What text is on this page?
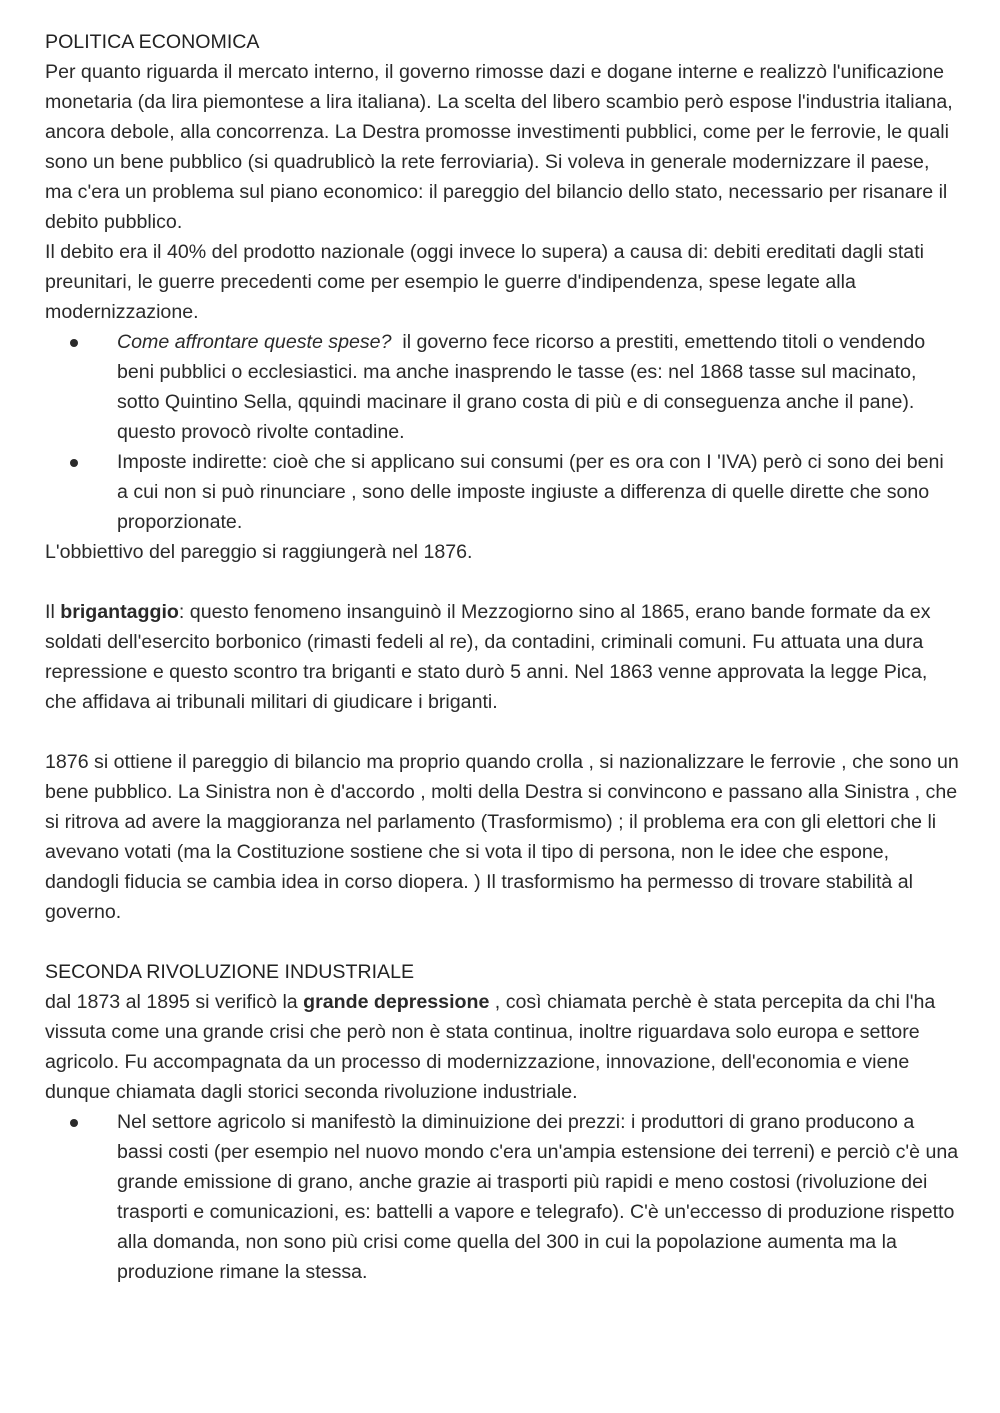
POLITICA ECONOMICA

Per quanto riguarda il mercato interno, il governo rimosse dazi e dogane interne e realizzò l'unificazione monetaria (da lira piemontese a lira italiana). La scelta del libero scambio però espose l'industria italiana, ancora debole, alla concorrenza. La Destra promosse investimenti pubblici, come per le ferrovie, le quali sono un bene pubblico (si quadrublicò la rete ferroviaria). Si voleva in generale modernizzare il paese, ma c'era un problema sul piano economico: il pareggio del bilancio dello stato, necessario per risanare il debito pubblico.

Il debito era il 40% del prodotto nazionale (oggi invece lo supera) a causa di: debiti ereditati dagli stati preunitari, le guerre precedenti come per esempio le guerre d'indipendenza, spese legate alla modernizzazione.

Come affrontare queste spese?  il governo fece ricorso a prestiti, emettendo titoli o vendendo beni pubblici o ecclesiastici. ma anche inasprendo le tasse (es: nel 1868 tasse sul macinato, sotto Quintino Sella, qquindi macinare il grano costa di più e di conseguenza anche il pane). questo provocò rivolte contadine.
Imposte indirette: cioè che si applicano sui consumi (per es ora con I 'IVA) però ci sono dei beni a cui non si può rinunciare , sono delle imposte ingiuste a differenza di quelle dirette che sono proporzionate.

L'obbiettivo del pareggio si raggiungerà nel 1876.

Il brigantaggio: questo fenomeno insanguinò il Mezzogiorno sino al 1865, erano bande formate da ex soldati dell'esercito borbonico (rimasti fedeli al re), da contadini, criminali comuni. Fu attuata una dura repressione e questo scontro tra briganti e stato durò 5 anni. Nel 1863 venne approvata la legge Pica, che affidava ai tribunali militari di giudicare i briganti.

1876 si ottiene il pareggio di bilancio ma proprio quando crolla , si nazionalizzare le ferrovie , che sono un bene pubblico. La Sinistra non è d'accordo , molti della Destra si convincono e passano alla Sinistra , che si ritrova ad avere la maggioranza nel parlamento (Trasformismo) ; il problema era con gli elettori che li avevano votati (ma la Costituzione sostiene che si vota il tipo di persona, non le idee che espone, dandogli fiducia se cambia idea in corso diopera. ) Il trasformismo ha permesso di trovare stabilità al governo.

SECONDA RIVOLUZIONE INDUSTRIALE

dal 1873 al 1895 si verificò la grande depressione , così chiamata perchè è stata percepita da chi l'ha vissuta come una grande crisi che però non è stata continua, inoltre riguardava solo europa e settore agricolo. Fu accompagnata da un processo di modernizzazione, innovazione, dell'economia e viene dunque chiamata dagli storici seconda rivoluzione industriale.

Nel settore agricolo si manifestò la diminuizione dei prezzi: i produttori di grano producono a bassi costi (per esempio nel nuovo mondo c'era un'ampia estensione dei terreni) e perciò c'è una grande emissione di grano, anche grazie ai trasporti più rapidi e meno costosi (rivoluzione dei trasporti e comunicazioni, es: battelli a vapore e telegrafo). C'è un'eccesso di produzione rispetto alla domanda, non sono più crisi come quella del 300 in cui la popolazione aumenta ma la produzione rimane la stessa.
